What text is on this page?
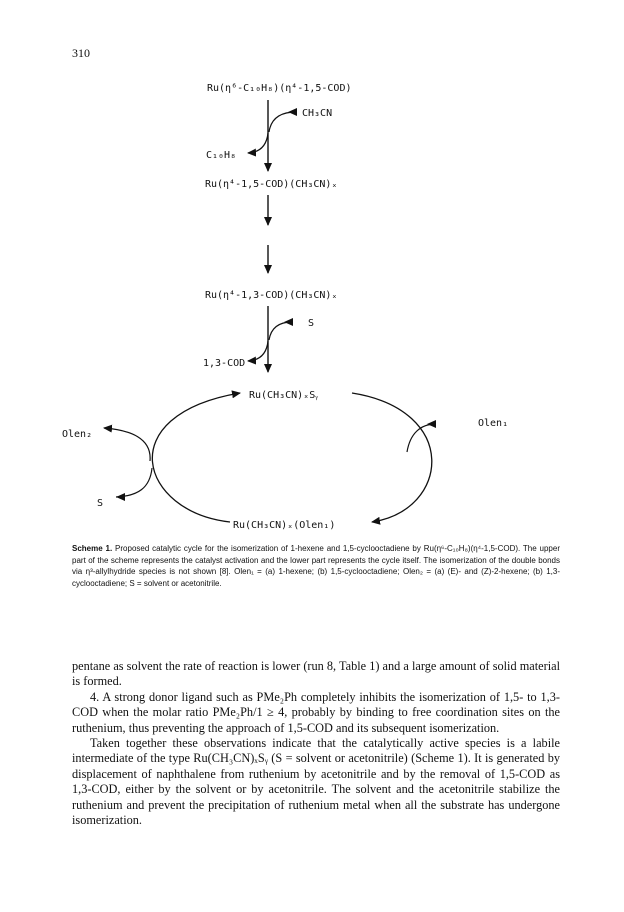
310
Ru(η⁶-C₁₀H₈)(η⁴-1,5-COD)
CH₃CN
C₁₀H₈
Ru(η⁴-1,5-COD)(CH₃CN)ₓ
Ru(η⁴-1,3-COD)(CH₃CN)ₓ
S
1,3-COD
Ru(CH₃CN)ₓSᵧ
Olen₂
S
Olen₁
Ru(CH₃CN)ₓ(Olen₁)

Scheme 1. Proposed catalytic cycle for the isomerization of 1-hexene and 1,5-cyclooctadiene by Ru(η⁶-C₁₀H₈)(η⁴-1,5-COD). The upper part of the scheme represents the catalyst activation and the lower part represents the cycle itself. The isomerization of the double bonds via η³-allylhydride species is not shown [8]. Olen₁ = (a) 1-hexene; (b) 1,5-cyclooctadiene; Olen₂ = (a) (E)- and (Z)-2-hexene; (b) 1,3-cyclooctadiene; S = solvent or acetonitrile.

pentane as solvent the rate of reaction is lower (run 8, Table 1) and a large amount of solid material is formed.

4. A strong donor ligand such as PMe₂Ph completely inhibits the isomerization of 1,5- to 1,3-COD when the molar ratio PMe₂Ph/1 ≥ 4, probably by binding to free coordination sites on the ruthenium, thus preventing the approach of 1,5-COD and its subsequent isomerization.

Taken together these observations indicate that the catalytically active species is a labile intermediate of the type Ru(CH₃CN)ₓSᵧ (S = solvent or acetonitrile) (Scheme 1). It is generated by displacement of naphthalene from ruthenium by acetonitrile and by the removal of 1,5-COD as 1,3-COD, either by the solvent or by acetonitrile. The solvent and the acetonitrile stabilize the ruthenium and prevent the precipitation of ruthenium metal when all the substrate has undergone isomerization.
